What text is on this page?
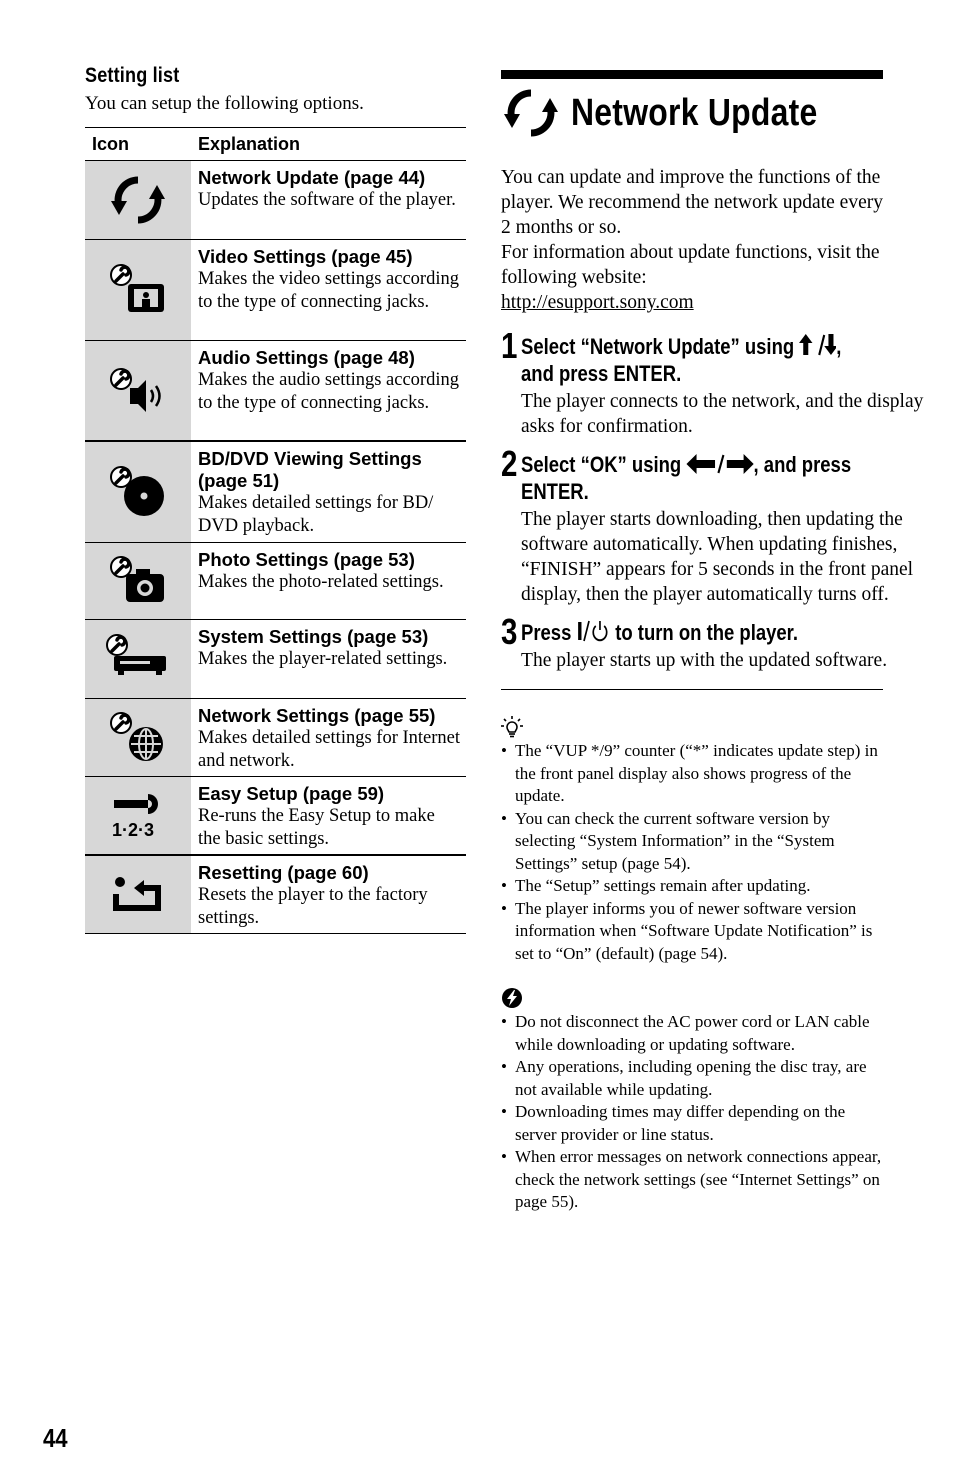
Setting list
You can setup the following options.
Icon	Explanation
Network Update (page 44)
Updates the software of the player.
Video Settings (page 45)
Makes the video settings according to the type of connecting jacks.
Audio Settings (page 48)
Makes the audio settings according to the type of connecting jacks.
BD/DVD Viewing Settings (page 51)
Makes detailed settings for BD/ DVD playback.
Photo Settings (page 53)
Makes the photo-related settings.
System Settings (page 53)
Makes the player-related settings.
Network Settings (page 55)
Makes detailed settings for Internet and network.
1·2·3
Easy Setup (page 59)
Re-runs the Easy Setup to make the basic settings.
Resetting (page 60)
Resets the player to the factory settings.
Network Update
You can update and improve the functions of the player. We recommend the network update every 2 months or so.
For information about update functions, visit the following website:
http://esupport.sony.com
1 Select “Network Update” using , and press ENTER.
The player connects to the network, and the display asks for confirmation.
2 Select “OK” using	, and press ENTER.
The player starts downloading, then updating the software automatically. When updating finishes, “FINISH” appears for 5 seconds in the front panel display, then the player automatically turns off.
3 Press  to turn on the player.
The player starts up with the updated software.
• The “VUP */9” counter (“*” indicates update step) in the front panel display also shows progress of the update.
• You can check the current software version by selecting “System Information” in the “System Settings” setup (page 54).
• The “Setup” settings remain after updating.
• The player informs you of newer software version information when “Software Update Notification” is set to “On” (default) (page 54).
• Do not disconnect the AC power cord or LAN cable while downloading or updating software.
• Any operations, including opening the disc tray, are not available while updating.
• Downloading times may differ depending on the server provider or line status.
• When error messages on network connections appear, check the network settings (see “Internet Settings” on page 55).
44
